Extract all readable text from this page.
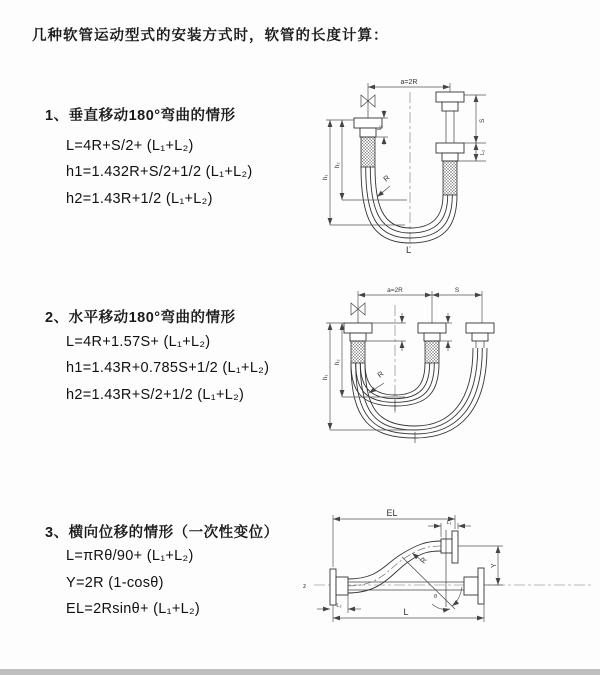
几种软管运动型式的安装方式时，软管的长度计算：
1、垂直移动180°弯曲的情形
L=4R+S/2+ (L₁+L₂)
h1=1.432R+S/2+1/2 (L₁+L₂)
h2=1.43R+1/2 (L₁+L₂)
2、水平移动180°弯曲的情形
L=4R+1.57S+ (L₁+L₂)
h1=1.43R+0.785S+1/2 (L₁+L₂)
h2=1.43R+S/2+1/2 (L₁+L₂)
3、横向位移的情形（一次性变位）
L=πRθ/90+ (L₁+L₂)
Y=2R (1-cosθ)
EL=2Rsinθ+ (L₁+L₂)
a=2R
R
L
h₂
h₁
L₁
S
L₂
a=2R	S
h₂
h₁	R
z
EL
L₁
Y
R
θ
L
L₂
